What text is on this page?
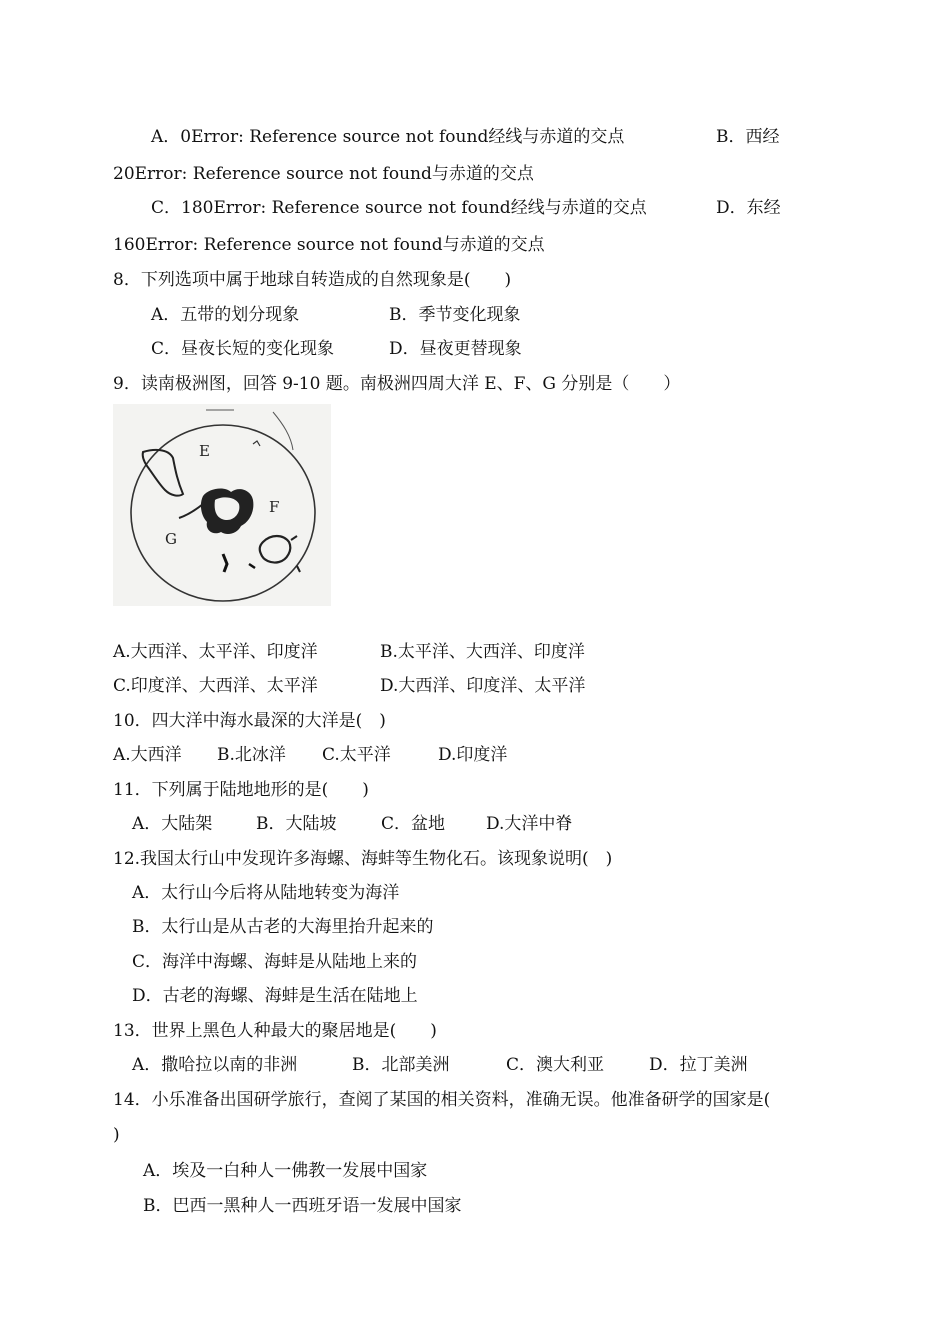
A．0Error: Reference source not found经线与赤道的交点	B．西经
20Error: Reference source not found与赤道的交点
C．180Error: Reference source not found经线与赤道的交点	D．东经
160Error: Reference source not found与赤道的交点
8．下列选项中属于地球自转造成的自然现象是(　　)
A．五带的划分现象	B．季节变化现象
C．昼夜长短的变化现象	D．昼夜更替现象
9．读南极洲图，回答 9-10 题。南极洲四周大洋 E、F、G 分别是（　　）
E
F
G
A.大西洋、太平洋、印度洋	B.太平洋、大西洋、印度洋
C.印度洋、大西洋、太平洋	D.大西洋、印度洋、太平洋
10．四大洋中海水最深的大洋是(　)
A.大西洋 B.北冰洋 C.太平洋	D.印度洋
11．下列属于陆地地形的是(　　)
A．大陆架	B．大陆坡	C．盆地 D.大洋中脊
12.我国太行山中发现许多海螺、海蚌等生物化石。该现象说明(　)
A．太行山今后将从陆地转变为海洋
B．太行山是从古老的大海里抬升起来的
C．海洋中海螺、海蚌是从陆地上来的
D．古老的海螺、海蚌是生活在陆地上
13．世界上黑色人种最大的聚居地是(　　)
A．撒哈拉以南的非洲	B．北部美洲	C．澳大利亚	D．拉丁美洲
14．小乐准备出国研学旅行，查阅了某国的相关资料，准确无误。他准备研学的国家是(
)
A．埃及一白种人一佛教一发展中国家
B．巴西一黑种人一西班牙语一发展中国家
